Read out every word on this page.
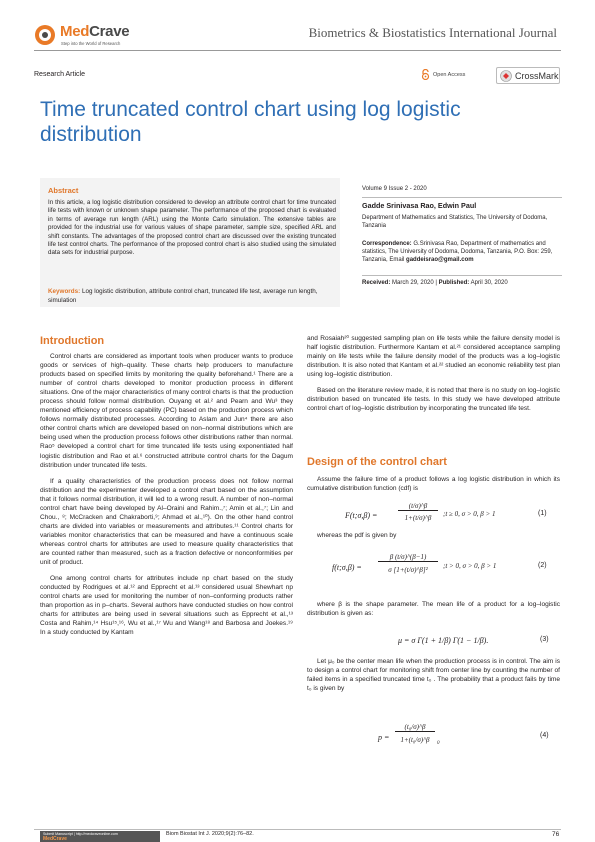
MedCrave
Step into the World of Research
Biometrics & Biostatistics International Journal
Research Article	Open Access	CrossMark
Time truncated control chart using log logistic distribution
Abstract
In this article, a log logistic distribution considered to develop an attribute control chart for time truncated life tests with known or unknown shape parameter. The performance of the proposed chart is evaluated in terms of average run length (ARL) using the Monte Carlo simulation. The extensive tables are provided for the industrial use for various values of shape parameter, sample size, specified ARL and shift constants. The advantages of the proposed control chart are discussed over the existing truncated life test control charts. The performance of the proposed control chart is also studied using the simulated data sets for industrial purpose.
Keywords: Log logistic distribution, attribute control chart, truncated life test, average run length, simulation
Volume 9 Issue 2 - 2020
Gadde Srinivasa Rao, Edwin Paul
Department of Mathematics and Statistics, The University of Dodoma, Tanzania
Correspondence: G.Srinivasa Rao, Department of mathematics and statistics, The University of Dodoma, Dodoma, Tanzania, P.O. Box: 259, Tanzania, Email gaddeisrao@gmail.com
Received: March 29, 2020 | Published: April 30, 2020
Introduction

Control charts are considered as important tools when producer wants to produce goods or services of high–quality. These charts help producers to manufacture products based on specified limits by monitoring the quality beforehand.¹ There are a number of control charts developed to monitor production process in different situations. One of the major characteristics of many control charts is that the production process should follow normal distribution. Ouyang et al.² and Pearn and Wu³ they mentioned efficiency of process capability (PC) based on the production process which follows normally distributed processes. According to Aslam and Jun⁴ there are also other control charts which are developed based on non–normal distributions which are being used when the production process follows other distributions rather than normal. Rao⁵ developed a control chart for time truncated life tests using exponentiated half logistic distribution and Rao et al.⁶ constructed attribute control charts for the Dagum distribution under truncated life tests.

If a quality characteristics of the production process does not follow normal distribution and the experimenter developed a control chart based on the assumption that it follows normal distribution, it will led to a wrong result. A number of non–normal control chart have being developed by Al–Oraini and Rahim.,⁷; Amin et al.,⁷; Lin and Chou., ⁸; McCracken and Chakraborti,⁹; Ahmad et al.,¹⁰). On the other hand control charts are divided into variables or measurements and attributes.¹¹ Control charts for variables monitor characteristics that can be measured and have a continuous scale whereas control charts for attributes are used to measure quality characteristics that are counted rather than measured, such as a fraction defective or nonconformities per unit of product.

One among control charts for attributes include np chart based on the study conducted by Rodrigues et al.¹² and Epprecht et al.¹³ considered usual Shewhart np control charts are used for monitoring the number of non–conforming products rather than proportion as in p–charts. Several authors have conducted studies on how control charts for attributes are being used in several situations such as Epprecht et al.,¹³ Costa and Rahim,¹⁴ Hsu¹⁵,¹⁶, Wu et al.,¹⁷ Wu and Wang¹⁸ and Barbosa and Joekes.¹⁹ In a study conducted by Kantam

and Rosaiah²⁰ suggested sampling plan on life tests while the failure density model is half logistic distribution. Furthermore Kantam et al.²¹ considered acceptance sampling mainly on life tests while the failure density model of the products was a log–logistic distribution. It is also noted that Kantam et al.²² studied an economic reliability test plan using log–logistic distribution.

Based on the literature review made, it is noted that there is no study on log–logistic distribution based on truncated life tests. In this study we have developed attribute control chart of log–logistic distribution by incorporating the truncated life test.

Design of the control chart

Assume the failure time of a product follows a log logistic distribution in which its cumulative distribution function (cdf) is

F(t;σ,β) =
(t/σ)^β
1+(t/σ)^β	;t ≥ 0, σ > 0, β > 1	(1)

whereas the pdf is given by

f(t;σ,β) =
β (t/σ)^(β−1)
σ [1+(t/σ)^β]²	;t > 0, σ > 0, β > 1	(2)

where β is the shape parameter. The mean life of a product for a log–logistic distribution is given as:

μ = σ Γ(1 + 1/β) Γ(1 − 1/β).	(3)

Let μ₀ be the center mean life when the production process is in control. The aim is to design a control chart for monitoring shift from center line by counting the number of failed items in a specified truncated time t₀ . The probability that a product fails by time t₀ is given by

p =
(t₀/σ)^β
1+(t₀/σ)^β	0
(4)
Submit Manuscript | http://medcraveonline.com
MedCrave
Biom Biostat Int J. 2020;9(2):76‒82.	76
